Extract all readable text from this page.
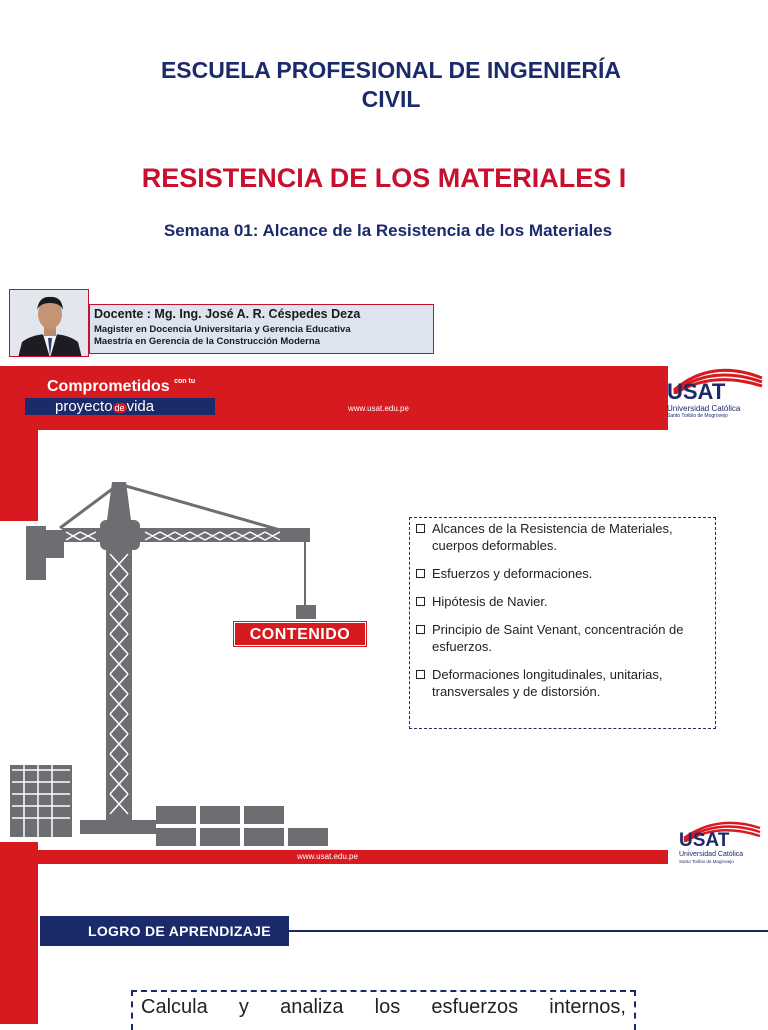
ESCUELA PROFESIONAL DE INGENIERÍA
CIVIL
RESISTENCIA DE LOS MATERIALES I
Semana 01: Alcance de la Resistencia de los Materiales
Docente : Mg. Ing. José A. R. Céspedes Deza
Magister en Docencia Universitaria y Gerencia Educativa
Maestría en Gerencia de la Construcción Moderna
Comprometidos $^{con tu}$
proyecto de vida	www.usat.edu.pe
USAT
Universidad Católica
Santo Toribio de Mogrovejo
CONTENIDO
Alcances de la Resistencia de Materiales, cuerpos deformables.
Esfuerzos y deformaciones.
Hipótesis de Navier.
Principio de Saint Venant, concentración de esfuerzos.
Deformaciones longitudinales, unitarias, transversales y de distorsión.
www.usat.edu.pe
USAT
Universidad Católica
Santo Toribio de Mogrovejo
LOGRO DE APRENDIZAJE
Calcula y analiza los esfuerzos internos,
